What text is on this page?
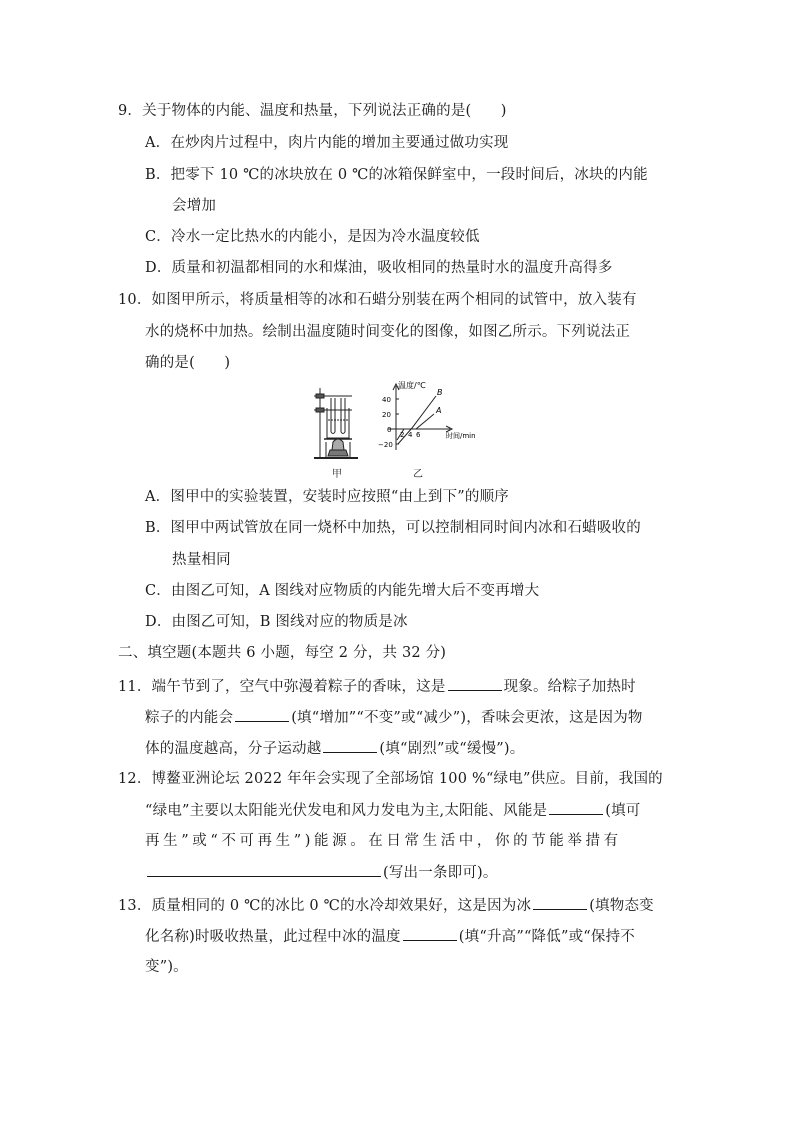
9．关于物体的内能、温度和热量，下列说法正确的是(　　)
A．在炒肉片过程中，肉片内能的增加主要通过做功实现
B．把零下 10 ℃的冰块放在 0 ℃的冰箱保鲜室中，一段时间后，冰块的内能
会增加
C．冷水一定比热水的内能小，是因为冷水温度较低
D．质量和初温都相同的水和煤油，吸收相同的热量时水的温度升高得多
10．如图甲所示，将质量相等的冰和石蜡分别装在两个相同的试管中，放入装有
水的烧杯中加热。绘制出温度随时间变化的图像，如图乙所示。下列说法正
确的是(　　)
温度/℃
时间/min
40
20
0
−20
2 4 6
B
A
甲	乙
A．图甲中的实验装置，安装时应按照“由上到下”的顺序
B．图甲中两试管放在同一烧杯中加热，可以控制相同时间内冰和石蜡吸收的
热量相同
C．由图乙可知，A 图线对应物质的内能先增大后不变再增大
D．由图乙可知，B 图线对应的物质是冰
二、填空题(本题共 6 小题，每空 2 分，共 32 分)
11．端午节到了，空气中弥漫着粽子的香味，这是	现象。给粽子加热时
粽子的内能会	(填“增加”“不变”或“减少”)，香味会更浓，这是因为物
体的温度越高，分子运动越	(填“剧烈”或“缓慢”)。
12．博鳌亚洲论坛 2022 年年会实现了全部场馆 100 %“绿电”供应。目前，我国的
“绿电”主要以太阳能光伏发电和风力发电为主,太阳能、风能是	(填可
再生”或“不可再生”)能源。在日常生活中，你的节能举措有
(写出一条即可)。
13．质量相同的 0 ℃的冰比 0 ℃的水冷却效果好，这是因为冰	(填物态变
化名称)时吸收热量，此过程中冰的温度	(填“升高”“降低”或“保持不
变”)。
